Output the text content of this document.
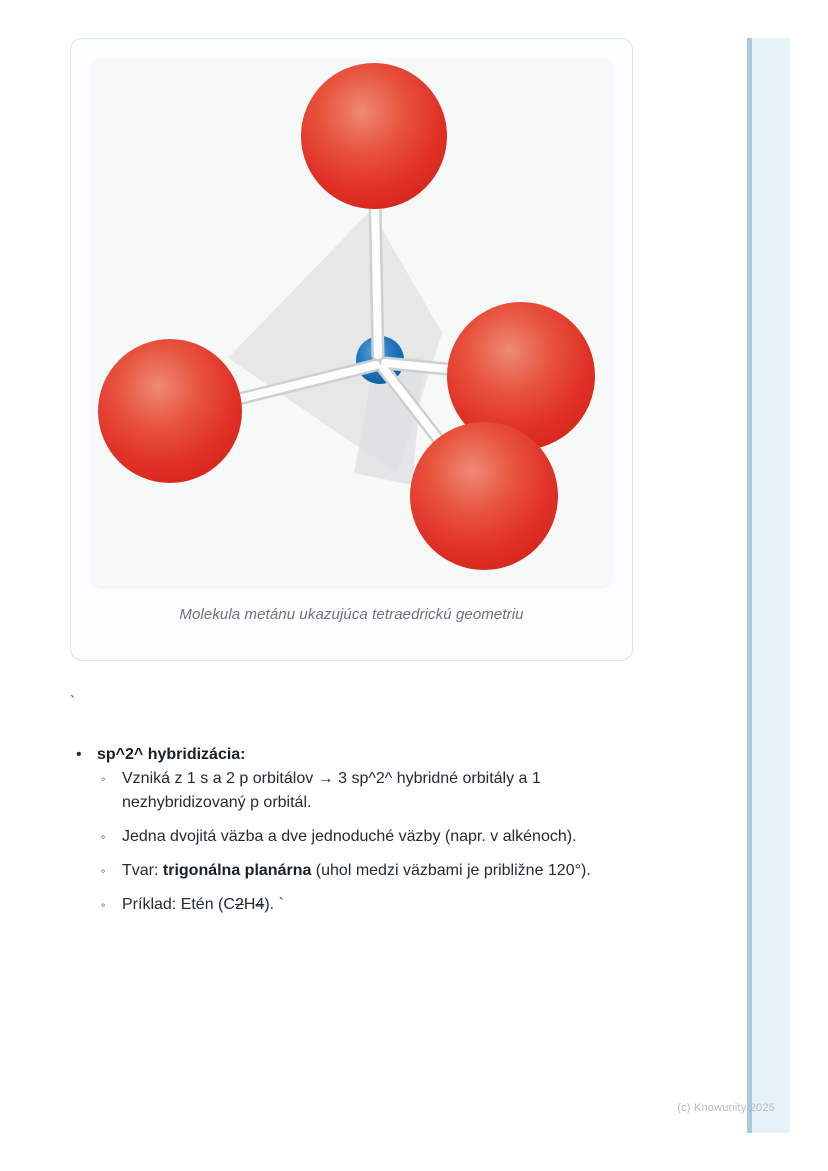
Molekula metánu ukazujúca tetraedrickú geometriu

`
• sp^2^ hybridizácia:
◦ Vzniká z 1 s a 2 p orbitálov → 3 sp^2^ hybridné orbitály a 1
nezhybridizovaný p orbitál.
◦ Jedna dvojitá väzba a dve jednoduché väzby (napr. v alkénoch).
◦ Tvar: trigonálna planárna (uhol medzi väzbami je približne 120°).
◦ Príklad: Etén (C2H4). `
(c) Knowunity 2025
